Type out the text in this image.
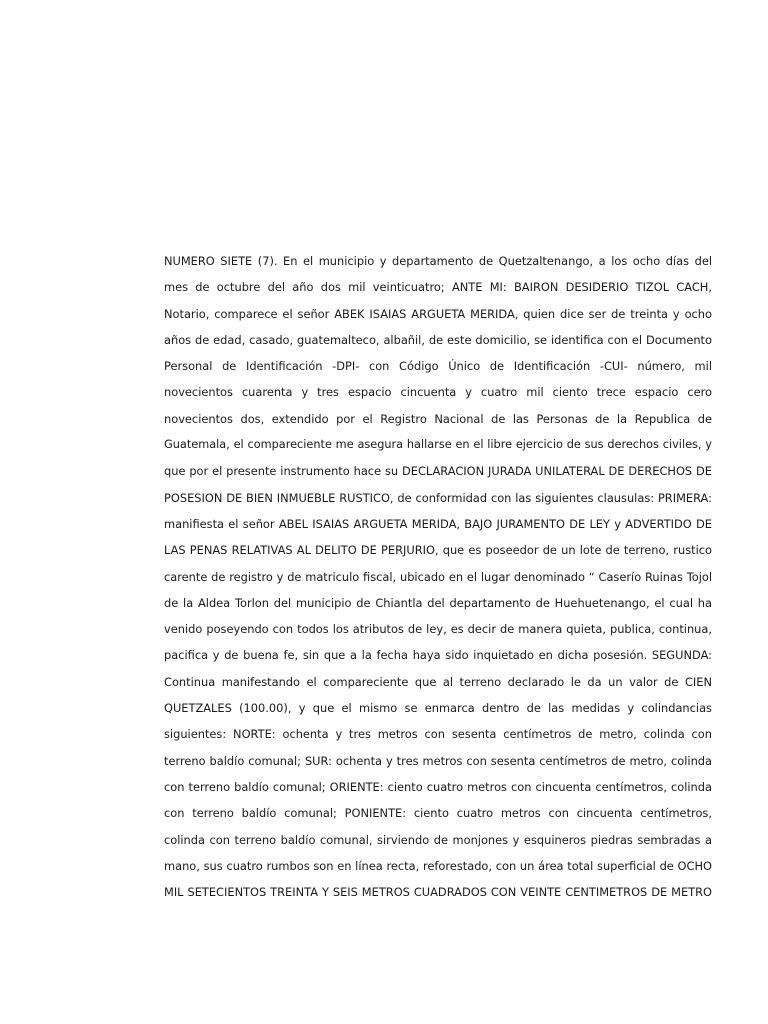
NUMERO SIETE (7). En el municipio y departamento de Quetzaltenango, a los ocho días del
mes de octubre del año dos mil veinticuatro; ANTE MI: BAIRON DESIDERIO TIZOL CACH,
Notario, comparece el señor ABEK ISAIAS ARGUETA MERIDA, quien dice ser de treinta y ocho
años de edad, casado, guatemalteco, albañil, de este domicilio, se identifica con el Documento
Personal de Identificación -DPI- con Código Único de Identificación -CUI- número, mil
novecientos cuarenta y tres espacio cincuenta y cuatro mil ciento trece espacio cero
novecientos dos, extendido por el Registro Nacional de las Personas de la Republica de
Guatemala, el compareciente me asegura hallarse en el libre ejercicio de sus derechos civiles, y
que por el presente instrumento hace su DECLARACION JURADA UNILATERAL DE DERECHOS DE
POSESION DE BIEN INMUEBLE RUSTICO, de conformidad con las siguientes clausulas: PRIMERA:
manifiesta el señor ABEL ISAIAS ARGUETA MERIDA, BAJO JURAMENTO DE LEY y ADVERTIDO DE
LAS PENAS RELATIVAS AL DELITO DE PERJURIO, que es poseedor de un lote de terreno, rustico
carente de registro y de matriculo fiscal, ubicado en el lugar denominado “ Caserío Ruinas Tojol
de la Aldea Torlon del municipio de Chiantla del departamento de Huehuetenango, el cual ha
venido poseyendo con todos los atributos de ley, es decir de manera quieta, publica, continua,
pacifica y de buena fe, sin que a la fecha haya sido inquietado en dicha posesión. SEGUNDA:
Continua manifestando el compareciente que al terreno declarado le da un valor de CIEN
QUETZALES (100.00), y que el mismo se enmarca dentro de las medidas y colindancias
siguientes: NORTE: ochenta y tres metros con sesenta centímetros de metro, colinda con
terreno baldío comunal; SUR: ochenta y tres metros con sesenta centímetros de metro, colinda
con terreno baldío comunal; ORIENTE: ciento cuatro metros con cincuenta centímetros, colinda
con terreno baldío comunal; PONIENTE: ciento cuatro metros con cincuenta centímetros,
colinda con terreno baldío comunal, sirviendo de monjones y esquineros piedras sembradas a
mano, sus cuatro rumbos son en línea recta, reforestado, con un área total superficial de OCHO
MIL SETECIENTOS TREINTA Y SEIS METROS CUADRADOS CON VEINTE CENTIMETROS DE METRO
